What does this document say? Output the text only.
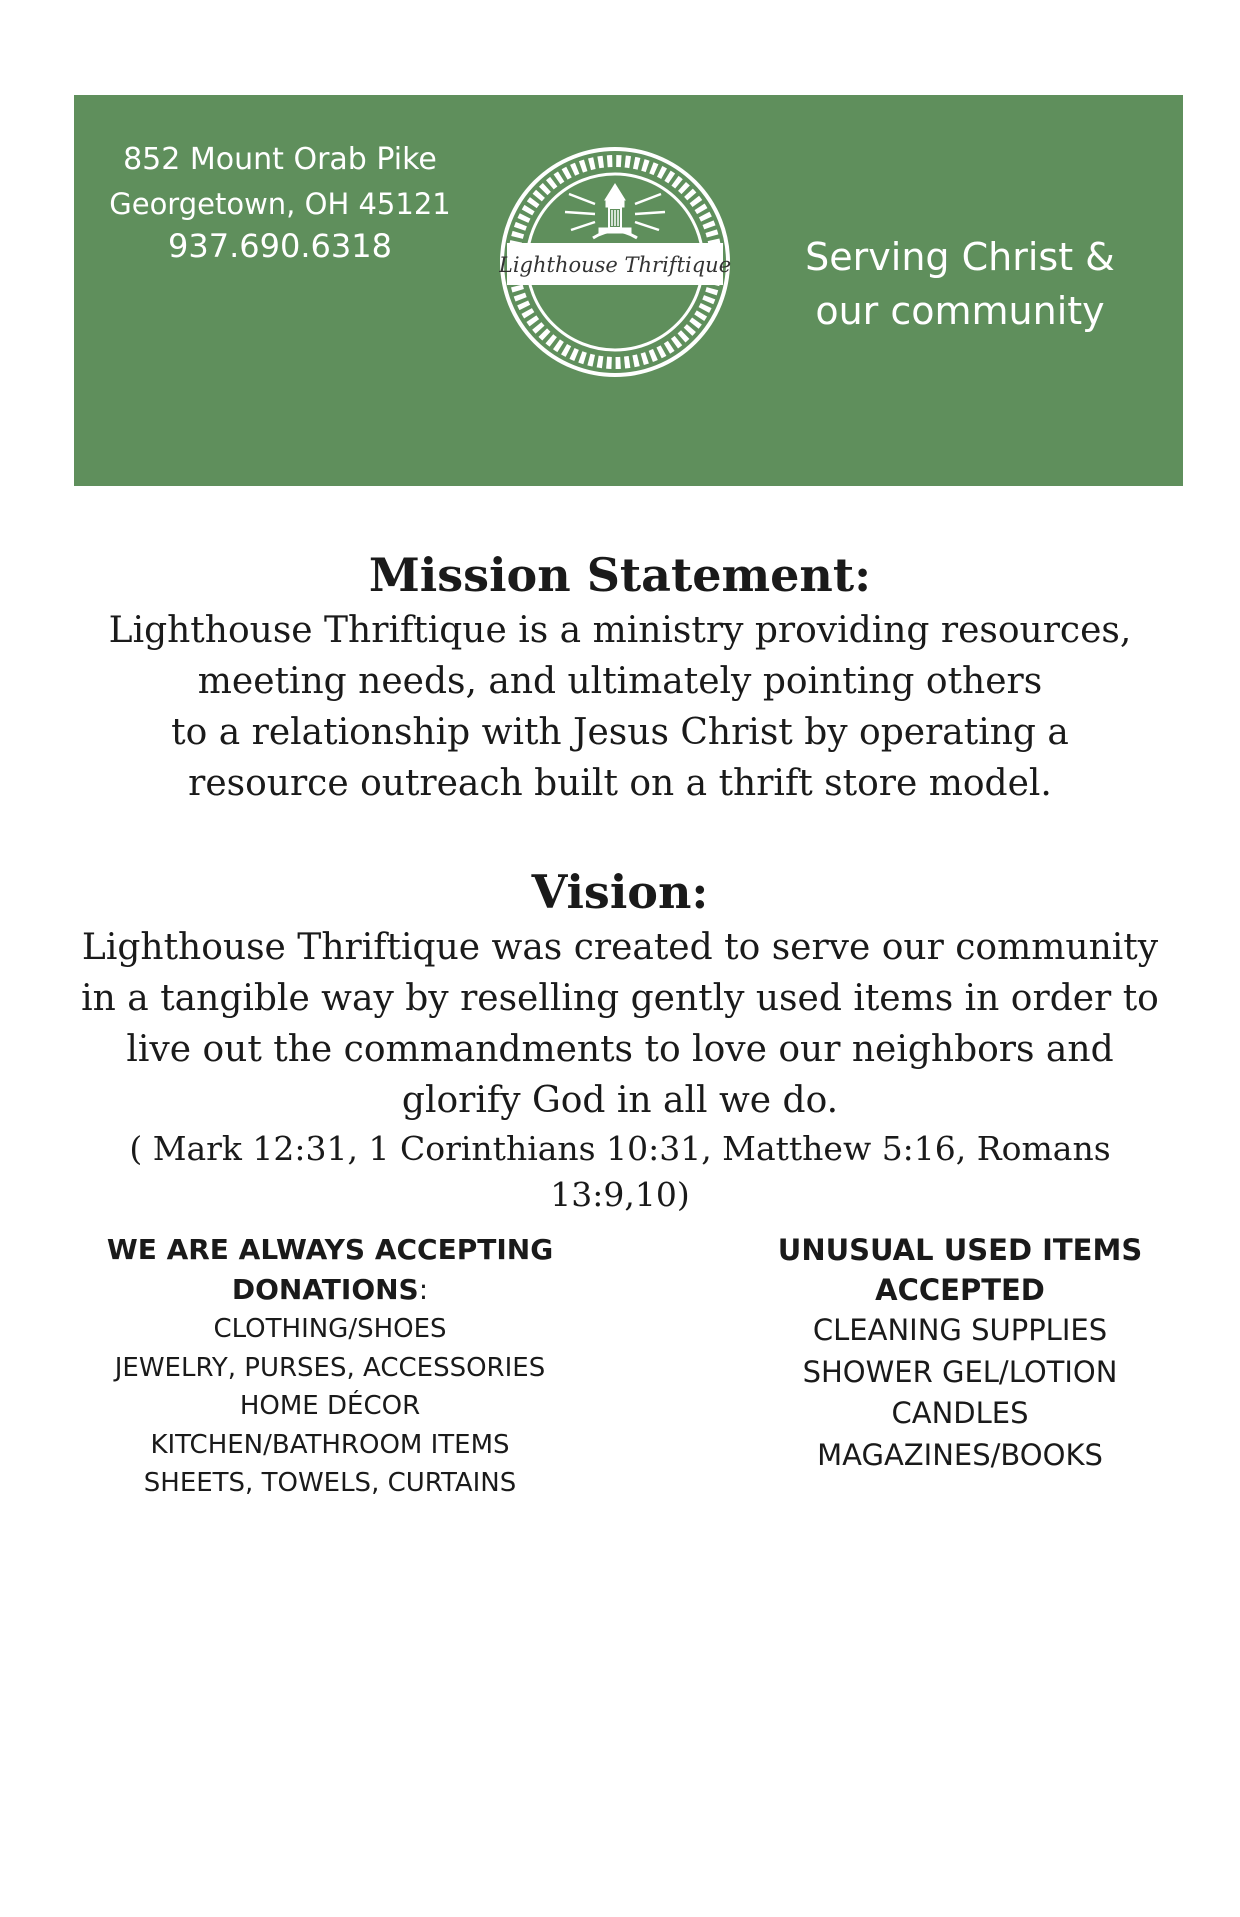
852 Mount Orab Pike
Georgetown, OH 45121
937.690.6318	Lighthouse Thriftique	Serving Christ &
our community
Mission Statement:

Lighthouse Thriftique is a ministry providing resources,
meeting needs, and ultimately pointing others
to a relationship with Jesus Christ by operating a
resource outreach built on a thrift store model.

Vision:

Lighthouse Thriftique was created to serve our community
in a tangible way by reselling gently used items in order to
live out the commandments to love our neighbors and
glorify God in all we do.

( Mark 12:31, 1 Corinthians 10:31, Matthew 5:16, Romans 13:9,10)

WE ARE ALWAYS ACCEPTING DONATIONS:
CLOTHING/SHOES
JEWELRY, PURSES, ACCESSORIES
HOME DÉCOR
KITCHEN/BATHROOM ITEMS
SHEETS, TOWELS, CURTAINS
UNUSUAL USED ITEMS ACCEPTED
CLEANING SUPPLIES
SHOWER GEL/LOTION
CANDLES
MAGAZINES/BOOKS
